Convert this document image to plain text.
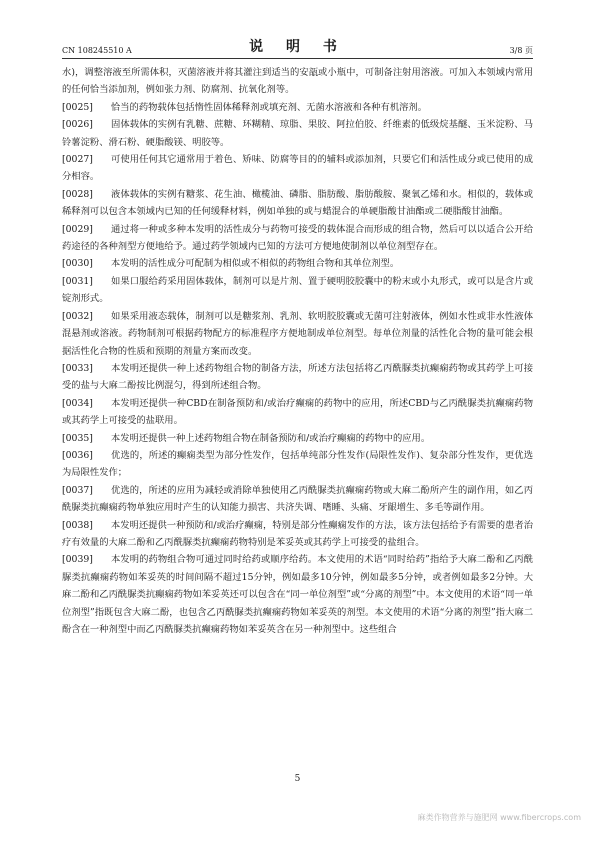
CN 108245510 A	说 明 书	3/8 页

水)，调整溶液至所需体积，灭菌溶液并将其灌注到适当的安瓿或小瓶中，可制备注射用溶液。可加入本领域内常用的任何恰当添加剂，例如张力剂、防腐剂、抗氧化剂等。

[0025] 恰当的药物载体包括惰性固体稀释剂或填充剂、无菌水溶液和各种有机溶剂。

[0026] 固体载体的实例有乳糖、蔗糖、环糊精、琼脂、果胶、阿拉伯胶、纤维素的低级烷基醚、玉米淀粉、马铃薯淀粉、滑石粉、硬脂酸镁、明胶等。

[0027] 可使用任何其它通常用于着色、矫味、防腐等目的的辅料或添加剂，只要它们和活性成分或已使用的成分相容。

[0028] 液体载体的实例有糖浆、花生油、橄榄油、磷脂、脂肪酸、脂肪酸胺、聚氧乙烯和水。相似的，载体或稀释剂可以包含本领域内已知的任何缓释材料，例如单独的或与蜡混合的单硬脂酸甘油酯或二硬脂酸甘油酯。

[0029] 通过将一种或多种本发明的活性成分与药物可接受的载体混合而形成的组合物，然后可以以适合公开给药途径的各种剂型方便地给予。通过药学领域内已知的方法可方便地使制剂以单位剂型存在。

[0030] 本发明的活性成分可配制为相似或不相似的药物组合物和其单位剂型。

[0031] 如果口服给药采用固体载体，制剂可以是片剂、置于硬明胶胶囊中的粉末或小丸形式，或可以是含片或锭剂形式。

[0032] 如果采用液态载体，制剂可以是糖浆剂、乳剂、软明胶胶囊或无菌可注射液体，例如水性或非水性液体混悬剂或溶液。药物制剂可根据药物配方的标准程序方便地制成单位剂型。每单位剂量的活性化合物的量可能会根据活性化合物的性质和预期的剂量方案而改变。

[0033] 本发明还提供一种上述药物组合物的制备方法，所述方法包括将乙丙酰脲类抗癫痫药物或其药学上可接受的盐与大麻二酚按比例混匀，得到所述组合物。

[0034] 本发明还提供一种CBD在制备预防和/或治疗癫痫的药物中的应用，所述CBD与乙丙酰脲类抗癫痫药物或其药学上可接受的盐联用。

[0035] 本发明还提供一种上述药物组合物在制备预防和/或治疗癫痫的药物中的应用。

[0036] 优选的，所述的癫痫类型为部分性发作，包括单纯部分性发作(局限性发作)、复杂部分性发作，更优选为局限性发作；

[0037] 优选的，所述的应用为减轻或消除单独使用乙丙酰脲类抗癫痫药物或大麻二酚所产生的副作用，如乙丙酰脲类抗癫痫药物单独应用时产生的认知能力损害、共济失调、嗜睡、头痛、牙龈增生、多毛等副作用。

[0038] 本发明还提供一种预防和/或治疗癫痫，特别是部分性癫痫发作的方法，该方法包括给予有需要的患者治疗有效量的大麻二酚和乙丙酰脲类抗癫痫药物特别是苯妥英或其药学上可接受的盐组合。

[0039] 本发明的药物组合物可通过同时给药或顺序给药。本文使用的术语“同时给药”指给予大麻二酚和乙丙酰脲类抗癫痫药物如苯妥英的时间间隔不超过15分钟，例如最多10分钟，例如最多5分钟，或者例如最多2分钟。大麻二酚和乙丙酰脲类抗癫痫药物如苯妥英还可以包含在“同一单位剂型”或“分离的剂型”中。本文使用的术语“同一单位剂型”指既包含大麻二酚，也包含乙丙酰脲类抗癫痫药物如苯妥英的剂型。本文使用的术语“分离的剂型”指大麻二酚含在一种剂型中而乙丙酰脲类抗癫痫药物如苯妥英含在另一种剂型中。这些组合

5
麻类作物营养与施肥网 www.fibercrops.com
